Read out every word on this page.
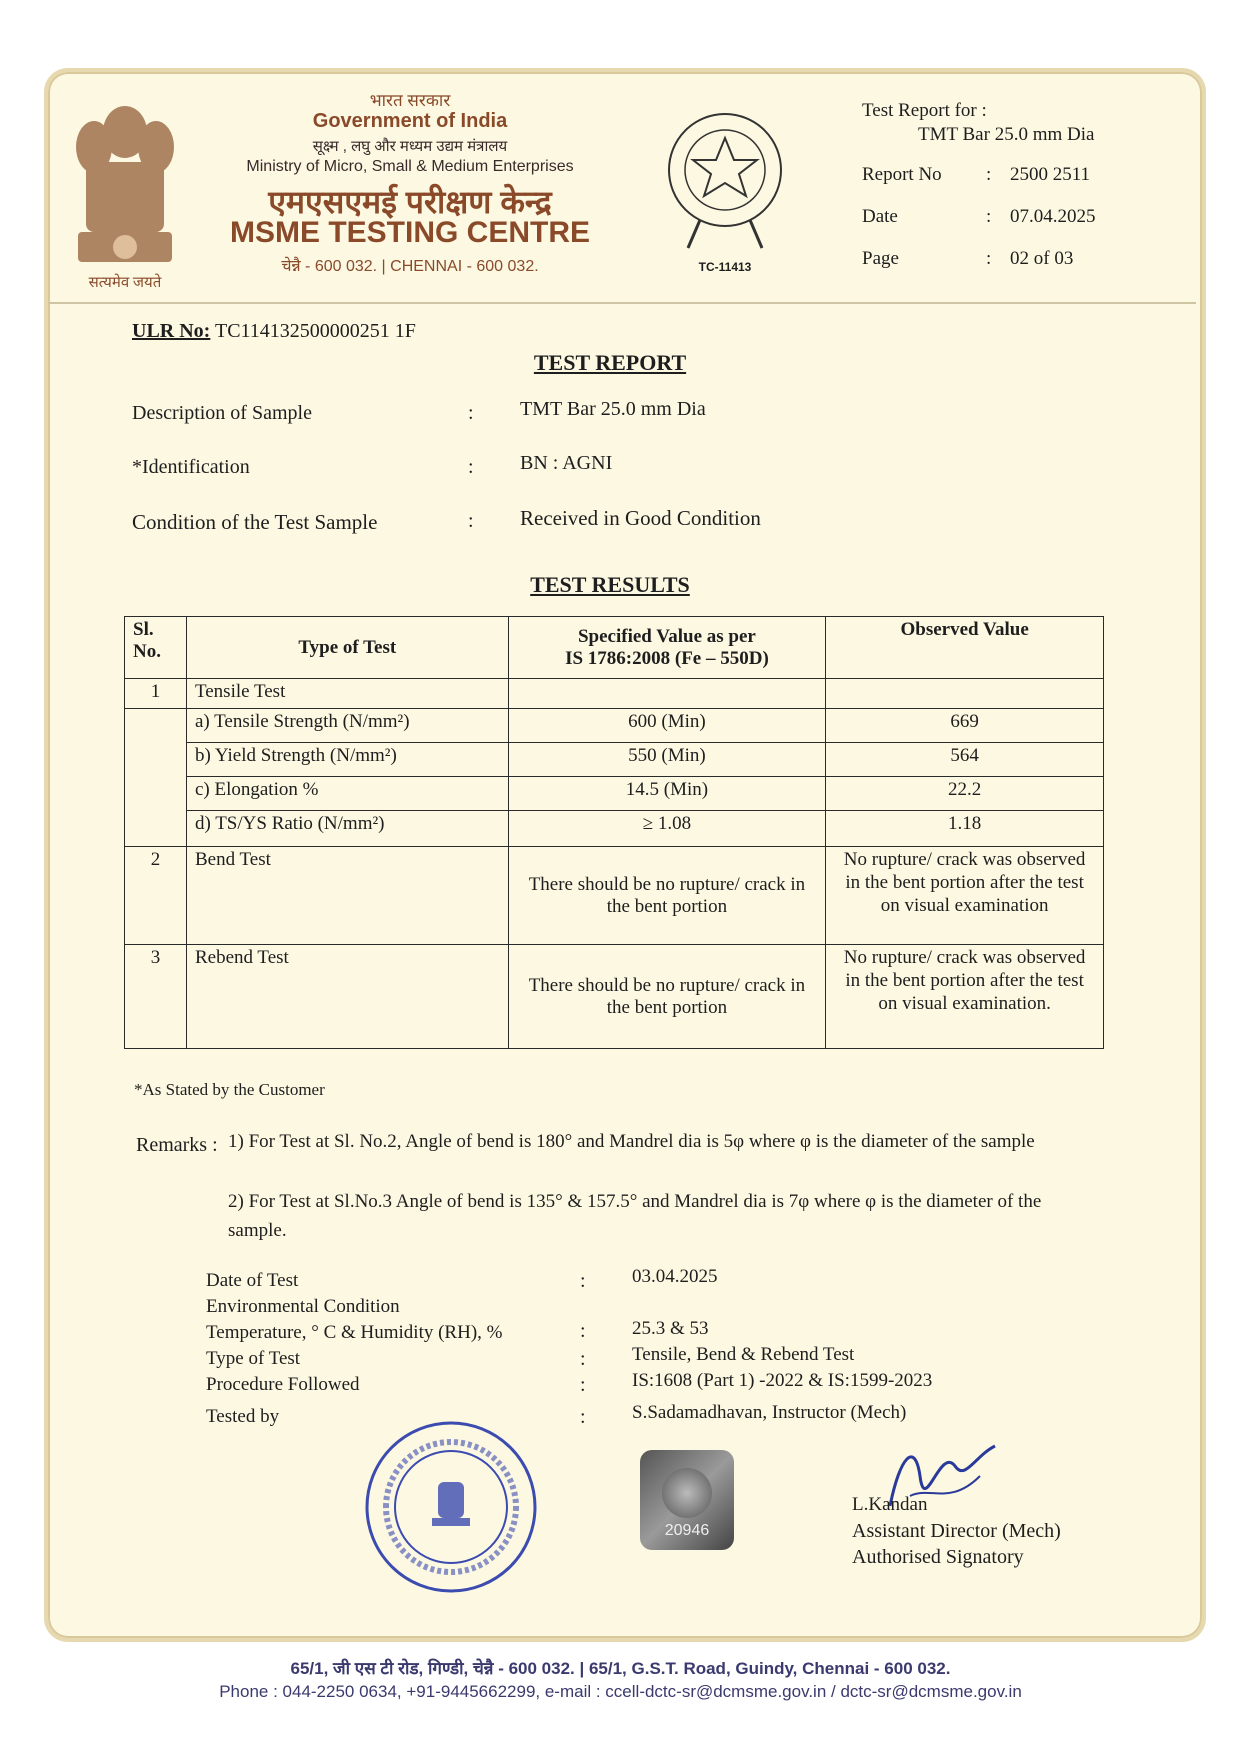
सत्यमेव जयते
भारत सरकार
Government of India
सूक्ष्म , लघु और मध्यम उद्यम मंत्रालय
Ministry of Micro, Small & Medium Enterprises
एमएसएमई परीक्षण केन्द्र
MSME TESTING CENTRE
चेन्नै - 600 032. | CHENNAI - 600 032.	TC-11413
Test Report for :
TMT Bar 25.0 mm Dia
Report No : 2500 2511
Date	: 07.04.2025
Page	: 02 of 03
ULR No: TC114132500000251 1F
TEST REPORT
Description of Sample	: TMT Bar 25.0 mm Dia
*Identification	: BN : AGNI
Condition of the Test Sample	: Received in Good Condition
TEST RESULTS
Sl. No.	Type of Test	Specified Value as per
IS 1786:2008 (Fe – 550D)	Observed Value
1	Tensile Test		
	a) Tensile Strength (N/mm²)	600 (Min)	669
	b) Yield Strength (N/mm²)	550 (Min)	564
	c) Elongation %	14.5 (Min)	22.2
	d) TS/YS Ratio (N/mm²)	≥ 1.08	1.18
2	Bend Test	There should be no rupture/ crack in the bent portion	No rupture/ crack was observed in the bent portion after the test on visual examination
3	Rebend Test	There should be no rupture/ crack in the bent portion	No rupture/ crack was observed in the bent portion after the test on visual examination.
*As Stated by the Customer
Remarks : 1) For Test at Sl. No.2, Angle of bend is 180° and Mandrel dia is 5φ where φ is the diameter of the sample
2) For Test at Sl.No.3 Angle of bend is 135° & 157.5° and Mandrel dia is 7φ where φ is the diameter of the sample.
Date of Test	: 03.04.2025
Environmental Condition
Temperature, ° C & Humidity (RH), %	: 25.3 & 53
Type of Test	: Tensile, Bend & Rebend Test
Procedure Followed	: IS:1608 (Part 1) -2022 & IS:1599-2023
Tested by	: S.Sadamadhavan, Instructor (Mech)
20946
L.Kandan
Assistant Director (Mech)
Authorised Signatory
65/1, जी एस टी रोड, गिण्डी, चेन्नै - 600 032. | 65/1, G.S.T. Road, Guindy, Chennai - 600 032.
Phone : 044-2250 0634, +91-9445662299, e-mail : ccell-dctc-sr@dcmsme.gov.in / dctc-sr@dcmsme.gov.in
